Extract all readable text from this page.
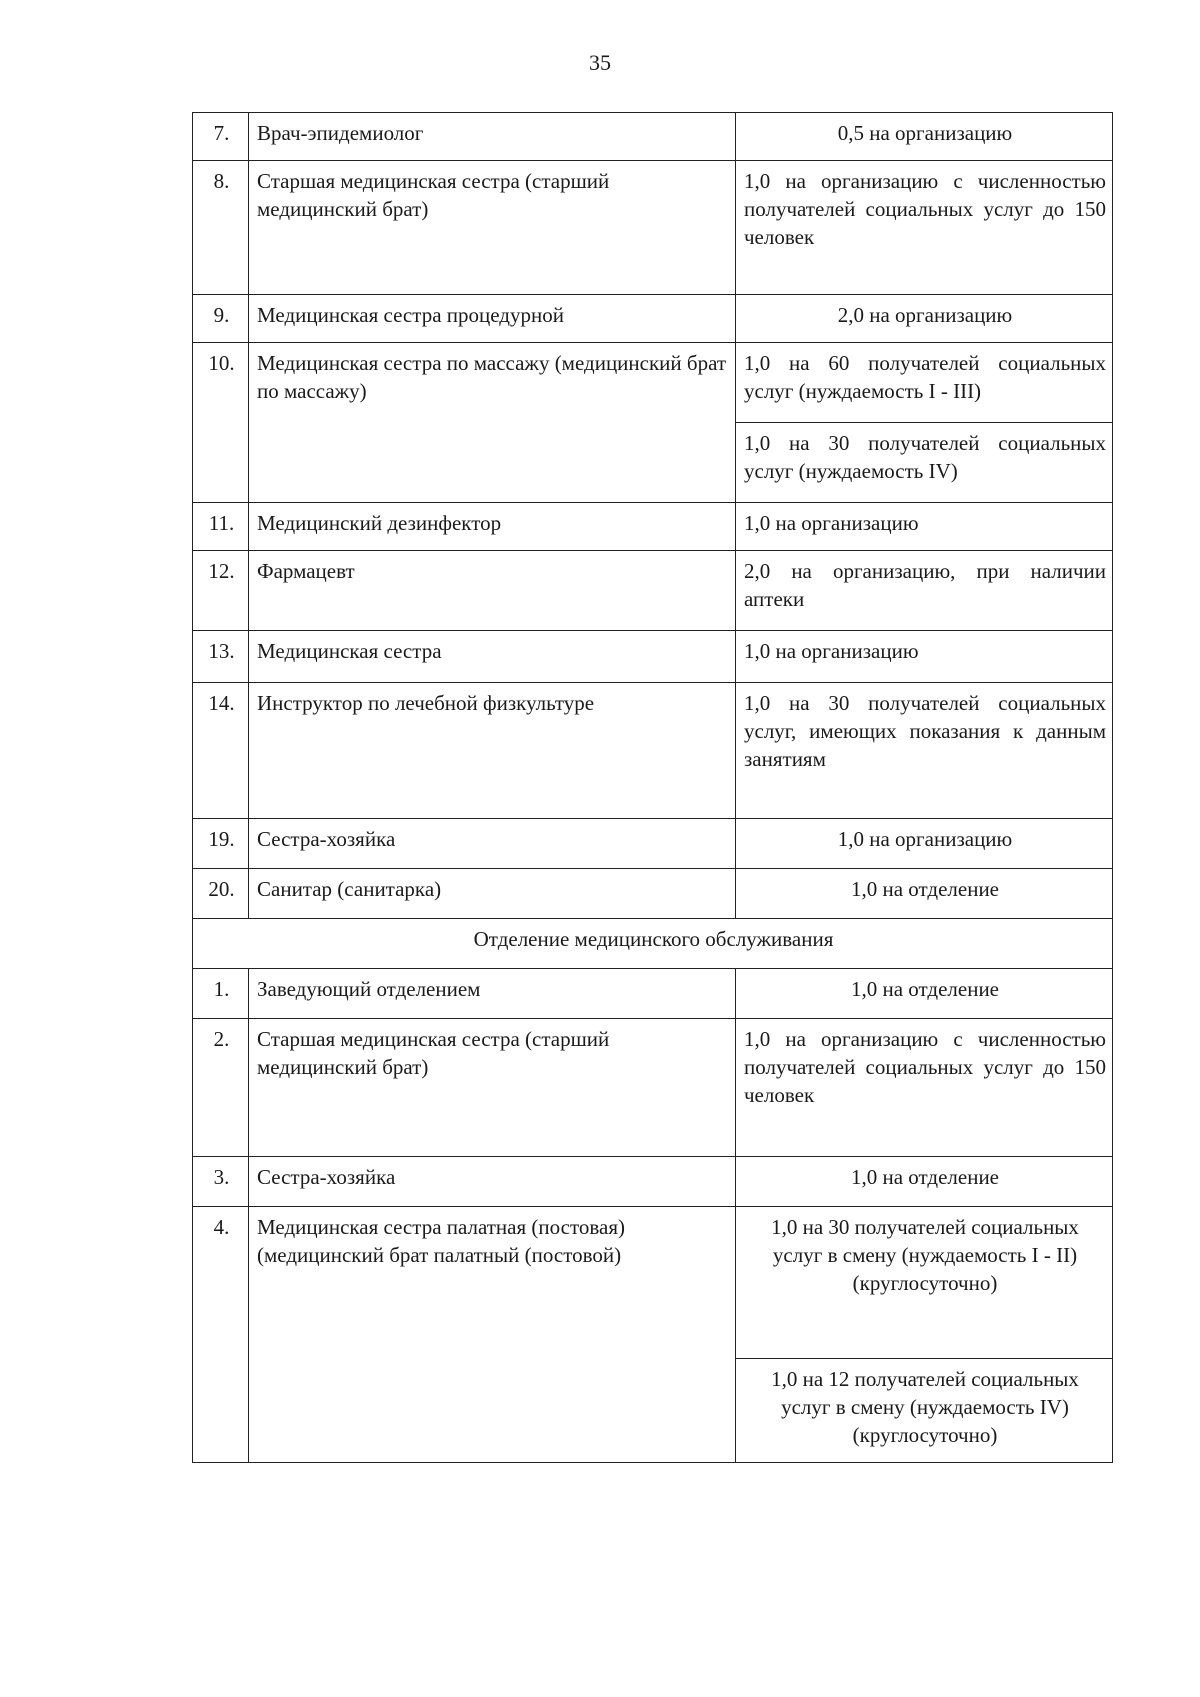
35
7.	Врач-эпидемиолог	0,5 на организацию
8.	Старшая медицинская сестра (старший медицинский брат)	1,0 на организацию с численностью получателей социальных услуг до 150 человек
9.	Медицинская сестра процедурной	2,0 на организацию
10.	Медицинская сестра по массажу (медицинский брат по массажу)	1,0 на 60 получателей социальных услуг (нуждаемость I - III)
		1,0 на 30 получателей социальных услуг (нуждаемость IV)
11.	Медицинский дезинфектор	1,0 на организацию
12.	Фармацевт	2,0 на организацию, при наличии аптеки
13.	Медицинская сестра	1,0 на организацию
14.	Инструктор по лечебной физкультуре	1,0 на 30 получателей социальных услуг, имеющих показания к данным занятиям
19.	Сестра-хозяйка	1,0 на организацию
20.	Санитар (санитарка)	1,0 на отделение
Отделение медицинского обслуживания		
1.	Заведующий отделением	1,0 на отделение
2.	Старшая медицинская сестра (старший медицинский брат)	1,0 на организацию с численностью получателей социальных услуг до 150 человек
3.	Сестра-хозяйка	1,0 на отделение
4.	Медицинская сестра палатная (постовая) (медицинский брат палатный (постовой)	1,0 на 30 получателей социальных услуг в смену (нуждаемость I - II) (круглосуточно)
		1,0 на 12 получателей социальных услуг в смену (нуждаемость IV) (круглосуточно)
